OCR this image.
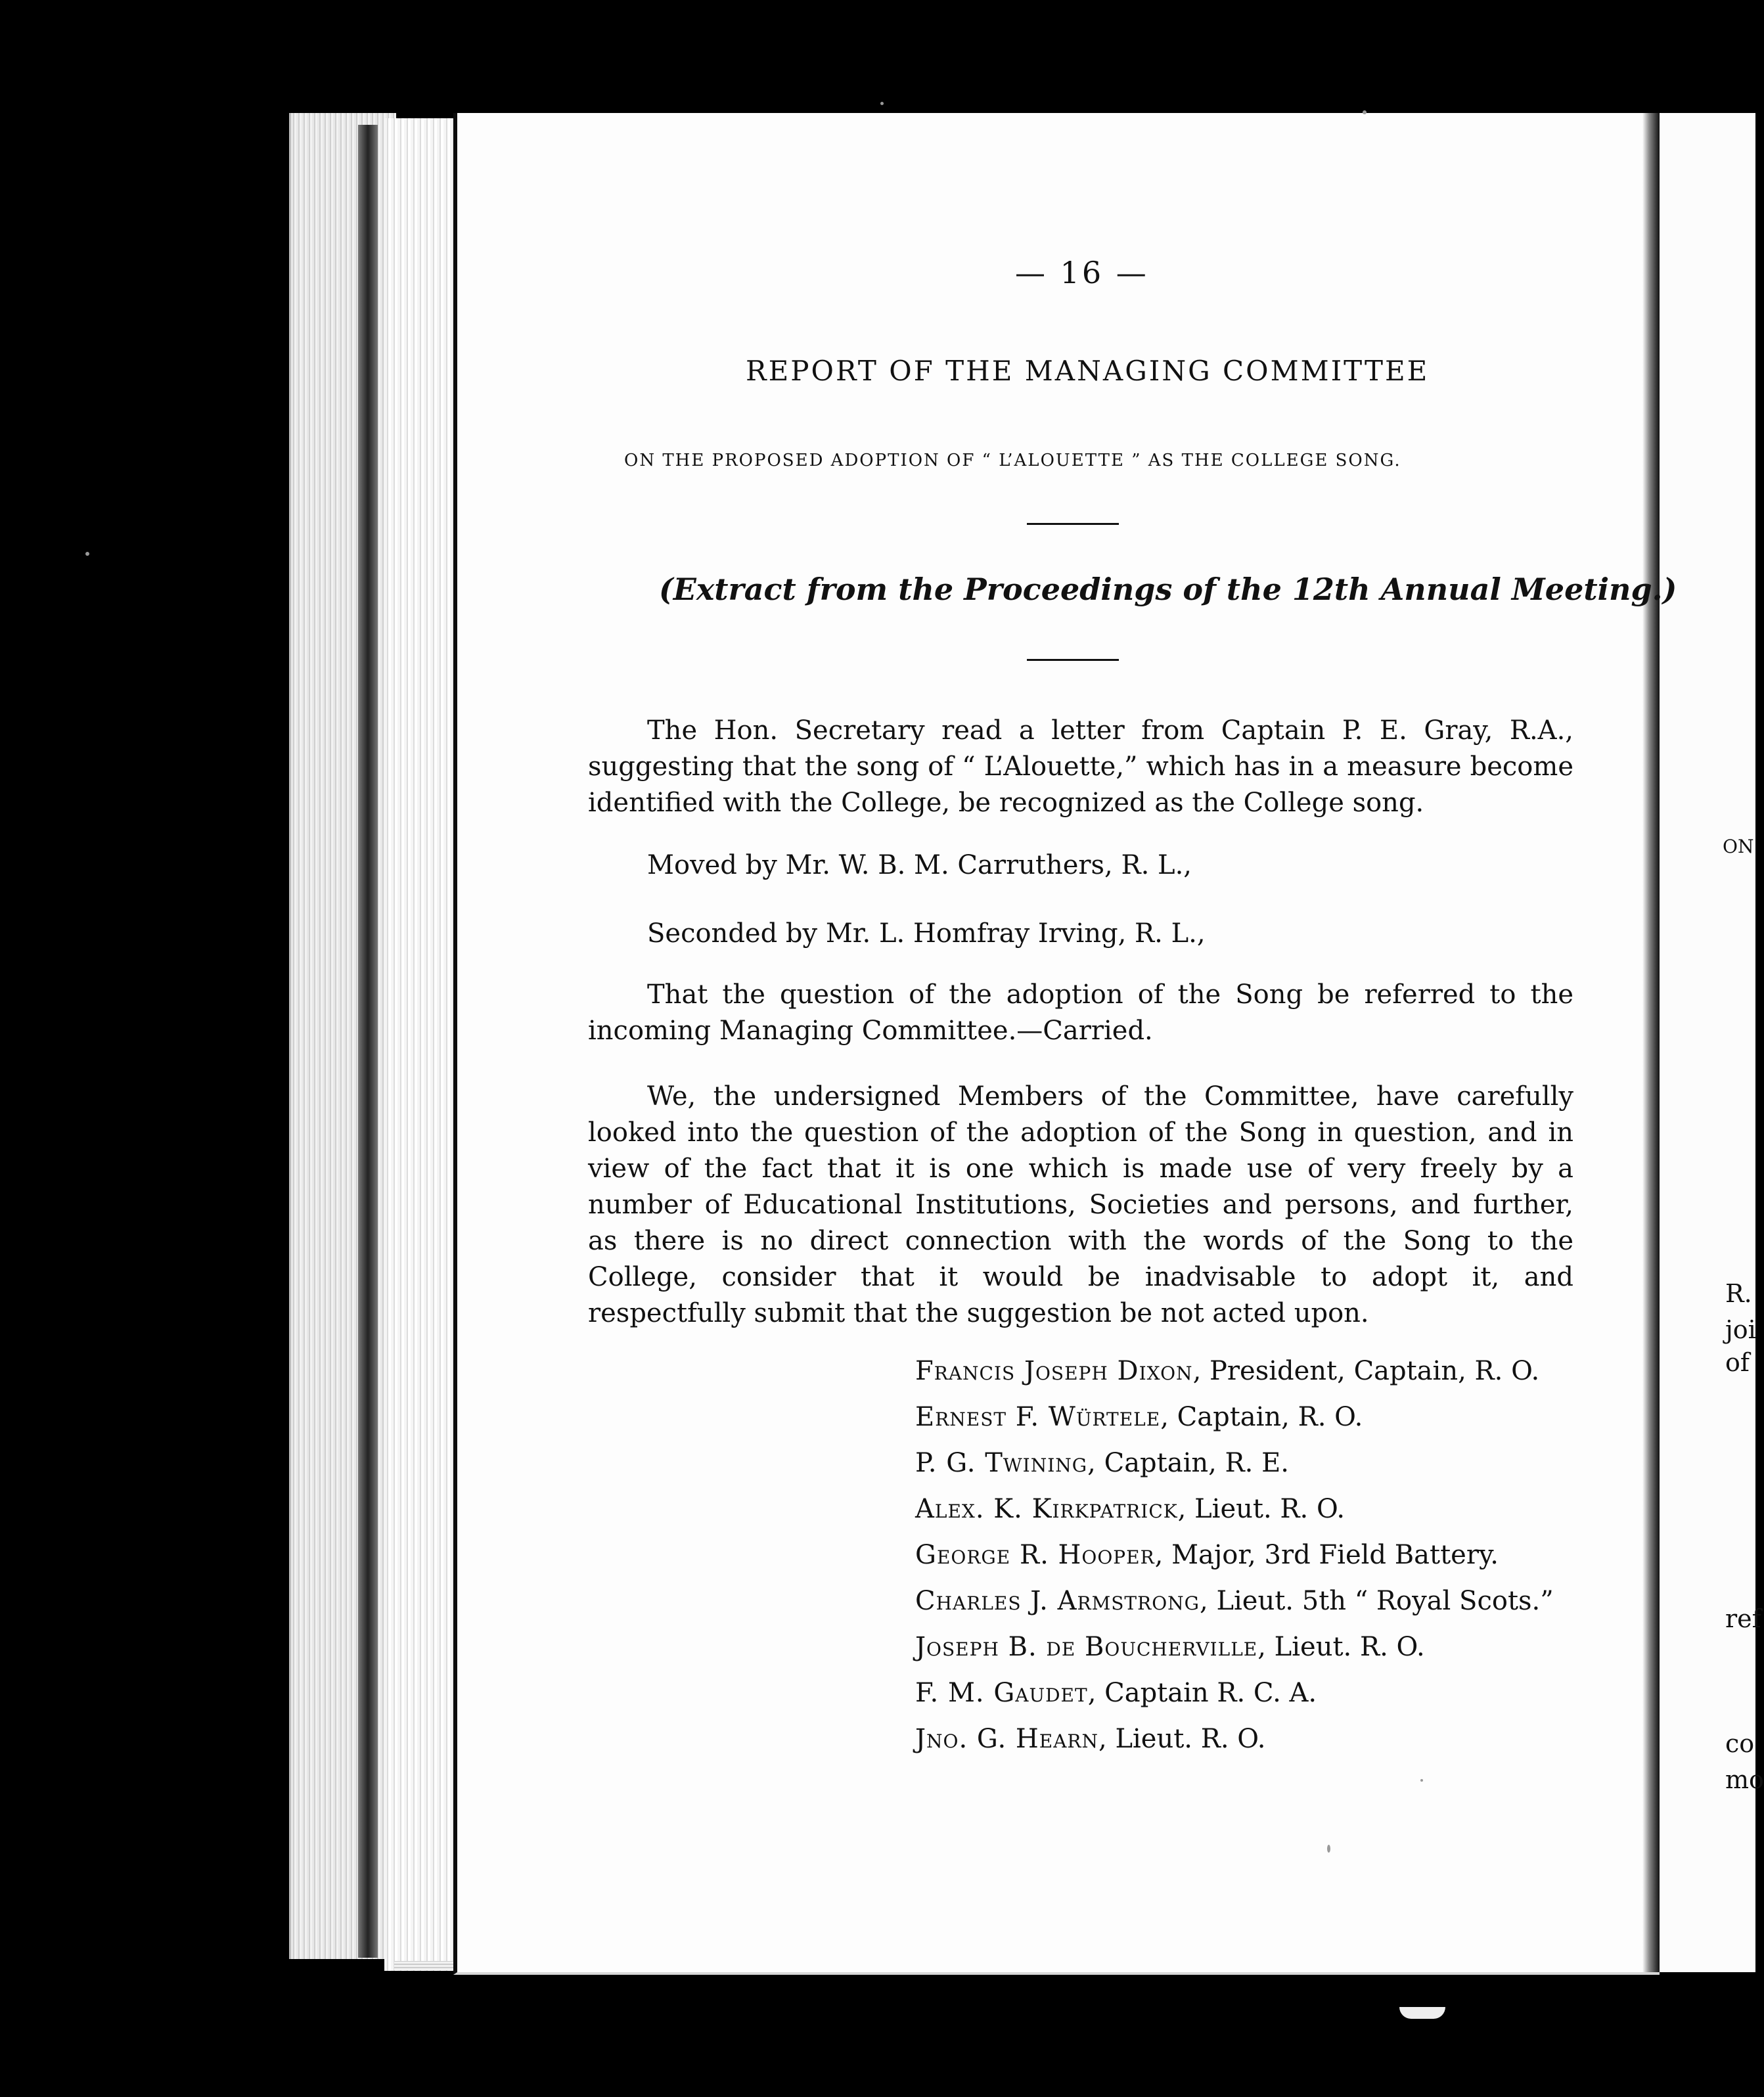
ON
R.
joi
of
ref
co
mo
— 16 —
REPORT OF THE MANAGING COMMITTEE
ON THE PROPOSED ADOPTION OF “ L’ALOUETTE ” AS THE COLLEGE SONG.
(Extract from the Proceedings of the 12th Annual Meeting.)

The Hon. Secretary read a letter from Captain P. E. Gray, R.A., suggesting that the song of “ L’Alouette,” which has in a measure become identified with the College, be recognized as the College song.

Moved by Mr. W. B. M. Carruthers, R. L.,

Seconded by Mr. L. Homfray Irving, R. L.,

That the question of the adoption of the Song be referred to the incoming Managing Committee.—Carried.

We, the undersigned Members of the Committee, have carefully looked into the question of the adoption of the Song in question, and in view of the fact that it is one which is made use of very freely by a number of Educational Institutions, Societies and persons, and further, as there is no direct connection with the words of the Song to the College, consider that it would be inadvisable to adopt it, and respectfully submit that the suggestion be not acted upon.

Francis Joseph Dixon, President, Captain, R. O.
Ernest F. Würtele, Captain, R. O.
P. G. Twining, Captain, R. E.
Alex. K. Kirkpatrick, Lieut. R. O.
George R. Hooper, Major, 3rd Field Battery.
Charles J. Armstrong, Lieut. 5th “ Royal Scots.”
Joseph B. de Boucherville, Lieut. R. O.
F. M. Gaudet, Captain R. C. A.
Jno. G. Hearn, Lieut. R. O.
